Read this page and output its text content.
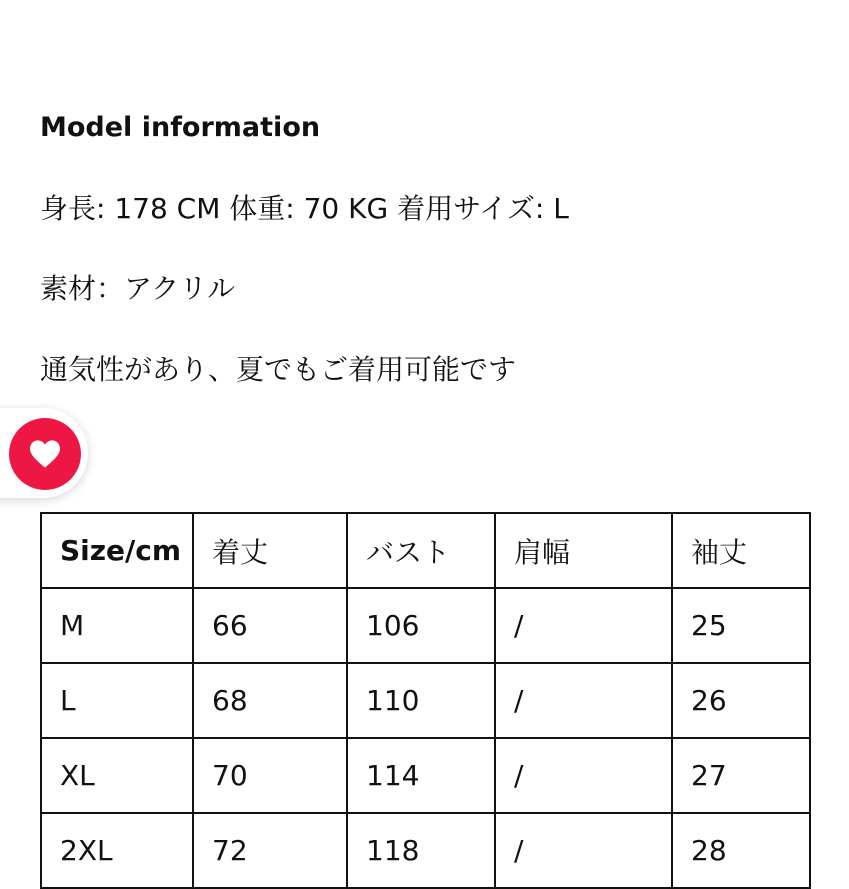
Model information
身長: 178 CM 体重: 70 KG 着用サイズ: L
素材：アクリル
通気性があり、夏でもご着用可能です
Size/cm	着丈	バスト	肩幅	袖丈
M	66	106	/	25
L	68	110	/	26
XL	70	114	/	27
2XL	72	118	/	28
